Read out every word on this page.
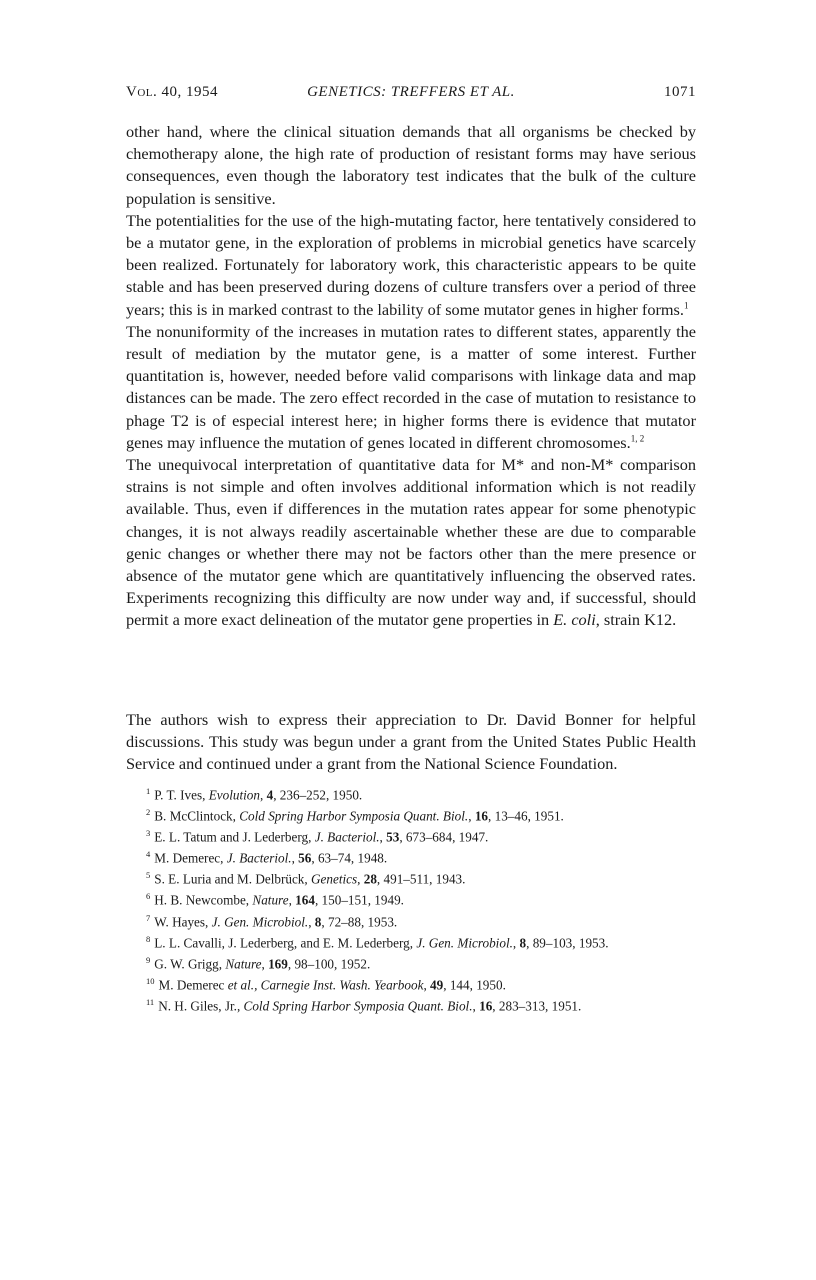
Vol. 40, 1954	GENETICS: TREFFERS ET AL.	1071

other hand, where the clinical situation demands that all organisms be checked by chemotherapy alone, the high rate of production of resistant forms may have serious consequences, even though the laboratory test indicates that the bulk of the culture population is sensitive.

The potentialities for the use of the high-mutating factor, here tentatively considered to be a mutator gene, in the exploration of problems in microbial genetics have scarcely been realized. Fortunately for laboratory work, this characteristic appears to be quite stable and has been preserved during dozens of culture transfers over a period of three years; this is in marked contrast to the lability of some mutator genes in higher forms.$^1$

The nonuniformity of the increases in mutation rates to different states, apparently the result of mediation by the mutator gene, is a matter of some interest. Further quantitation is, however, needed before valid comparisons with linkage data and map distances can be made. The zero effect recorded in the case of mutation to resistance to phage T2 is of especial interest here; in higher forms there is evidence that mutator genes may influence the mutation of genes located in different chromosomes.$^{1, 2}$

The unequivocal interpretation of quantitative data for M* and non-M* comparison strains is not simple and often involves additional information which is not readily available. Thus, even if differences in the mutation rates appear for some phenotypic changes, it is not always readily ascertainable whether these are due to comparable genic changes or whether there may not be factors other than the mere presence or absence of the mutator gene which are quantitatively influencing the observed rates. Experiments recognizing this difficulty are now under way and, if successful, should permit a more exact delineation of the mutator gene properties in E. coli, strain K12.

The authors wish to express their appreciation to Dr. David Bonner for helpful discussions. This study was begun under a grant from the United States Public Health Service and continued under a grant from the National Science Foundation.

$^1$ P. T. Ives, Evolution, 4, 236–252, 1950.
$^2$ B. McClintock, Cold Spring Harbor Symposia Quant. Biol., 16, 13–46, 1951.
$^3$ E. L. Tatum and J. Lederberg, J. Bacteriol., 53, 673–684, 1947.
$^4$ M. Demerec, J. Bacteriol., 56, 63–74, 1948.
$^5$ S. E. Luria and M. Delbrück, Genetics, 28, 491–511, 1943.
$^6$ H. B. Newcombe, Nature, 164, 150–151, 1949.
$^7$ W. Hayes, J. Gen. Microbiol., 8, 72–88, 1953.
$^8$ L. L. Cavalli, J. Lederberg, and E. M. Lederberg, J. Gen. Microbiol., 8, 89–103, 1953.
$^9$ G. W. Grigg, Nature, 169, 98–100, 1952.
$^{10}$ M. Demerec et al., Carnegie Inst. Wash. Yearbook, 49, 144, 1950.
$^{11}$ N. H. Giles, Jr., Cold Spring Harbor Symposia Quant. Biol., 16, 283–313, 1951.
